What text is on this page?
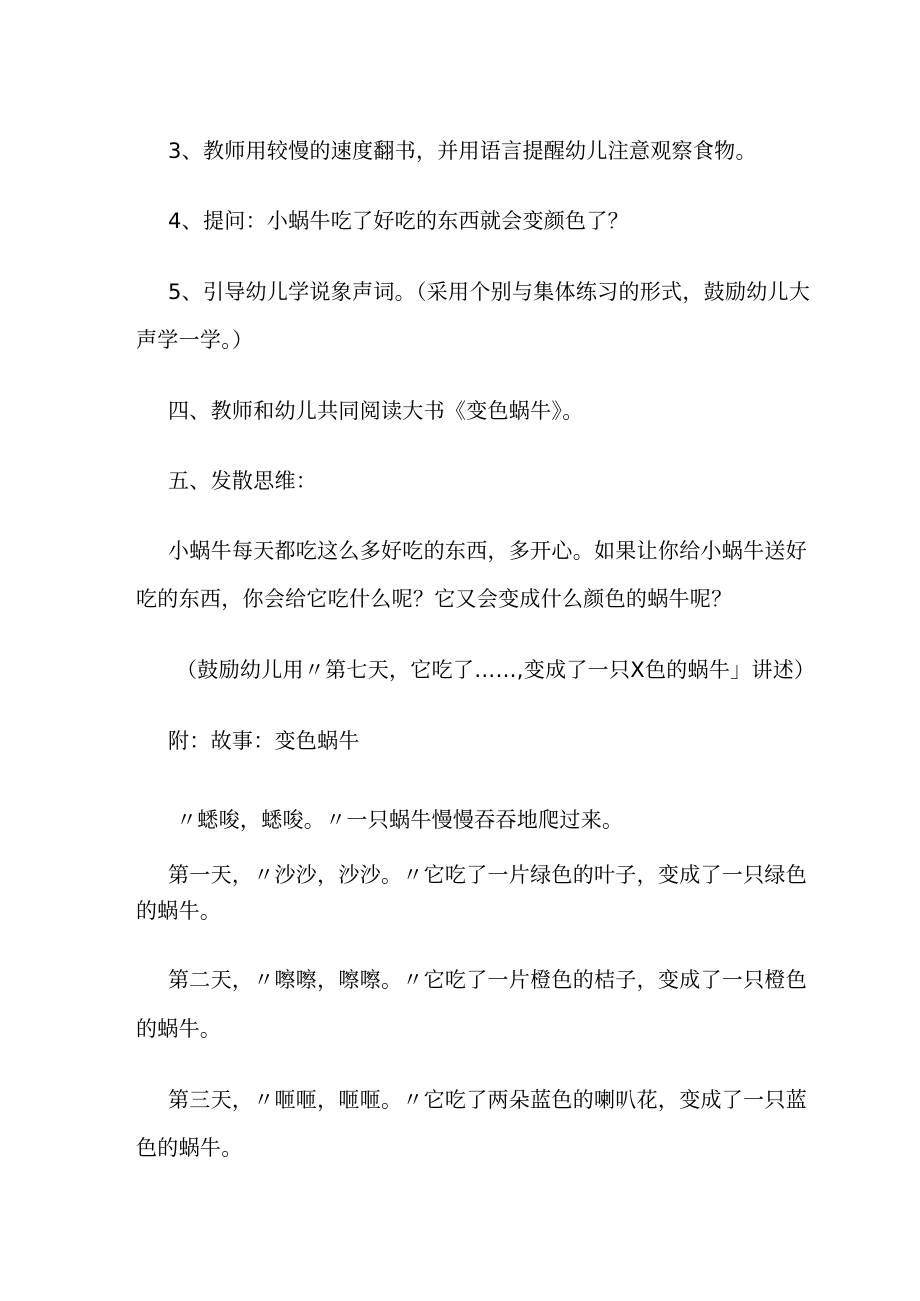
3、教师用较慢的速度翻书，并用语言提醒幼儿注意观察食物。
4、提问：小蜗牛吃了好吃的东西就会变颜色了？
5、引导幼儿学说象声词。（采用个别与集体练习的形式，鼓励幼儿大
声学一学。）
四、教师和幼儿共同阅读大书《变色蜗牛》。
五、发散思维：
小蜗牛每天都吃这么多好吃的东西，多开心。如果让你给小蜗牛送好
吃的东西，你会给它吃什么呢？它又会变成什么颜色的蜗牛呢？
（鼓励幼儿用〃第七天，它吃了……,变成了一只X色的蜗牛」讲述）
附：故事：变色蜗牛
〃蟋唆，蟋唆。〃一只蜗牛慢慢吞吞地爬过来。
第一天，〃沙沙，沙沙。〃它吃了一片绿色的叶子，变成了一只绿色
的蜗牛。
第二天，〃嚓嚓，嚓嚓。〃它吃了一片橙色的桔子，变成了一只橙色
的蜗牛。
第三天，〃咂咂，咂咂。〃它吃了两朵蓝色的喇叭花，变成了一只蓝
色的蜗牛。
